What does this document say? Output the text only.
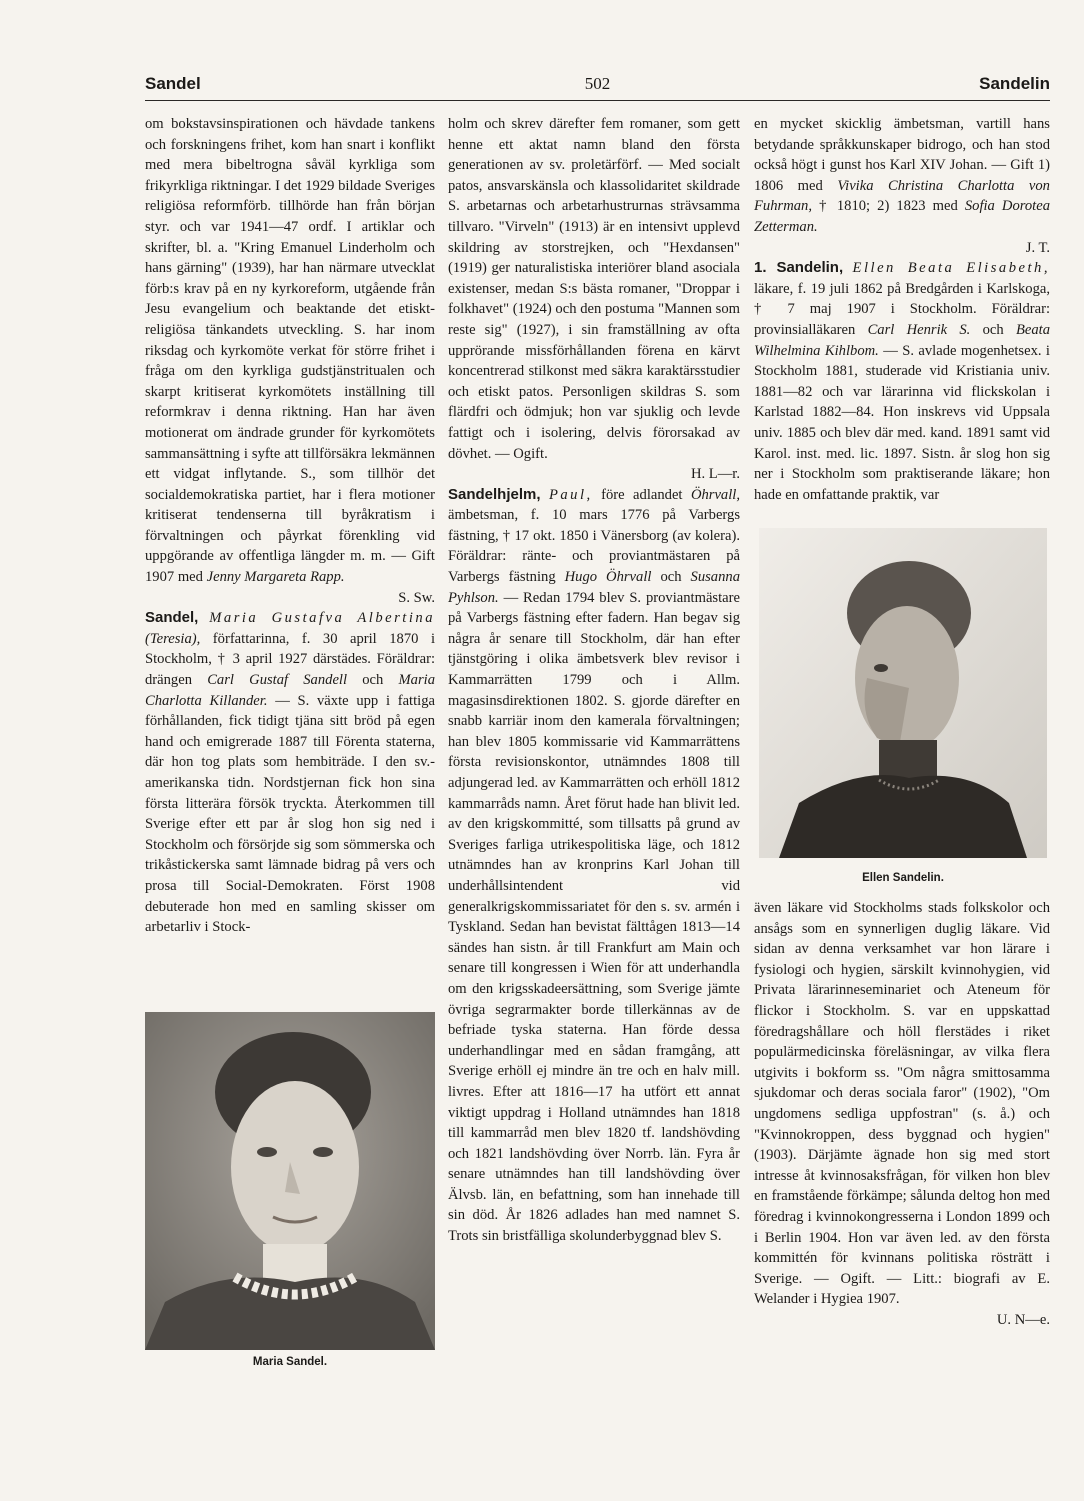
Sandel	502	Sandelin

om bokstavsinspirationen och hävdade tankens och forskningens frihet, kom han snart i konflikt med mera bibeltrogna såväl kyrkliga som frikyrkliga riktningar. I det 1929 bildade Sveriges religiösa reformförb. tillhörde han från början styr. och var 1941—47 ordf. I artiklar och skrifter, bl. a. "Kring Emanuel Linderholm och hans gärning" (1939), har han närmare utvecklat förb:s krav på en ny kyrkoreform, utgående från Jesu evangelium och beaktande det etiskt-religiösa tänkandets utveckling. S. har inom riksdag och kyrkomöte verkat för större frihet i fråga om den kyrkliga gudstjänstritualen och skarpt kritiserat kyrkomötets inställning till reformkrav i denna riktning. Han har även motionerat om ändrade grunder för kyrkomötets sammansättning i syfte att tillförsäkra lekmännen ett vidgat inflytande. S., som tillhör det socialdemokratiska partiet, har i flera motioner kritiserat tendenserna till byråkratism i förvaltningen och påyrkat förenkling vid uppgörande av offentliga längder m. m. — Gift 1907 med Jenny Margareta Rapp.
S. Sw.

Sandel, Maria Gustafva Albertina (Teresia), författarinna, f. 30 april 1870 i Stockholm, † 3 april 1927 därstädes. Föräldrar: drängen Carl Gustaf Sandell och Maria Charlotta Killander. — S. växte upp i fattiga förhållanden, fick tidigt tjäna sitt bröd på egen hand och emigrerade 1887 till Förenta staterna, där hon tog plats som hembiträde. I den sv.-amerikanska tidn. Nordstjernan fick hon sina första litterära försök tryckta. Återkommen till Sverige efter ett par år slog hon sig ned i Stockholm och försörjde sig som sömmerska och trikåstickerska samt lämnade bidrag på vers och prosa till Social-Demokraten. Först 1908 debuterade hon med en samling skisser om arbetarliv i Stock-

Maria Sandel.

holm och skrev därefter fem romaner, som gett henne ett aktat namn bland den första generationen av sv. proletärförf. — Med socialt patos, ansvarskänsla och klassolidaritet skildrade S. arbetarnas och arbetarhustrurnas strävsamma tillvaro. "Virveln" (1913) är en intensivt upplevd skildring av storstrejken, och "Hexdansen" (1919) ger naturalistiska interiörer bland asociala existenser, medan S:s bästa romaner, "Droppar i folkhavet" (1924) och den postuma "Mannen som reste sig" (1927), i sin framställning av ofta upprörande missförhållanden förena en kärvt koncentrerad stilkonst med säkra karaktärsstudier och etiskt patos. Personligen skildras S. som flärdfri och ödmjuk; hon var sjuklig och levde fattigt och i isolering, delvis förorsakad av dövhet. — Ogift.
H. L—r.

Sandelhjelm, Paul, före adlandet Öhrvall, ämbetsman, f. 10 mars 1776 på Varbergs fästning, † 17 okt. 1850 i Vänersborg (av kolera). Föräldrar: ränte- och proviantmästaren på Varbergs fästning Hugo Öhrvall och Susanna Pyhlson. — Redan 1794 blev S. proviantmästare på Varbergs fästning efter fadern. Han begav sig några år senare till Stockholm, där han efter tjänstgöring i olika ämbetsverk blev revisor i Kammarrätten 1799 och i Allm. magasinsdirektionen 1802. S. gjorde därefter en snabb karriär inom den kamerala förvaltningen; han blev 1805 kommissarie vid Kammarrättens första revisionskontor, utnämndes 1808 till adjungerad led. av Kammarrätten och erhöll 1812 kammarråds namn. Året förut hade han blivit led. av den krigskommitté, som tillsatts på grund av Sveriges farliga utrikespolitiska läge, och 1812 utnämndes han av kronprins Karl Johan till underhållsintendent vid generalkrigskommissariatet för den s. sv. armén i Tyskland. Sedan han bevistat fälttågen 1813—14 sändes han sistn. år till Frankfurt am Main och senare till kongressen i Wien för att underhandla om den krigsskadeersättning, som Sverige jämte övriga segrarmakter borde tillerkännas av de befriade tyska staterna. Han förde dessa underhandlingar med en sådan framgång, att Sverige erhöll ej mindre än tre och en halv mill. livres. Efter att 1816—17 ha utfört ett annat viktigt uppdrag i Holland utnämndes han 1818 till kammarråd men blev 1820 tf. landshövding och 1821 landshövding över Norrb. län. Fyra år senare utnämndes han till landshövding över Älvsb. län, en befattning, som han innehade till sin död. År 1826 adlades han med namnet S. Trots sin bristfälliga skolunderbyggnad blev S.

en mycket skicklig ämbetsman, vartill hans betydande språkkunskaper bidrogo, och han stod också högt i gunst hos Karl XIV Johan. — Gift 1) 1806 med Vivika Christina Charlotta von Fuhrman, † 1810; 2) 1823 med Sofia Dorotea Zetterman.
J. T.

1. Sandelin, Ellen Beata Elisabeth, läkare, f. 19 juli 1862 på Bredgården i Karlskoga, † 7 maj 1907 i Stockholm. Föräldrar: provinsialläkaren Carl Henrik S. och Beata Wilhelmina Kihlbom. — S. avlade mogenhetsex. i Stockholm 1881, studerade vid Kristiania univ. 1881—82 och var lärarinna vid flickskolan i Karlstad 1882—84. Hon inskrevs vid Uppsala univ. 1885 och blev där med. kand. 1891 samt vid Karol. inst. med. lic. 1897. Sistn. år slog hon sig ner i Stockholm som praktiserande läkare; hon hade en omfattande praktik, var

Ellen Sandelin.

även läkare vid Stockholms stads folkskolor och ansågs som en synnerligen duglig läkare. Vid sidan av denna verksamhet var hon lärare i fysiologi och hygien, särskilt kvinnohygien, vid Privata lärarinneseminariet och Ateneum för flickor i Stockholm. S. var en uppskattad föredragshållare och höll flerstädes i riket populärmedicinska föreläsningar, av vilka flera utgivits i bokform ss. "Om några smittosamma sjukdomar och deras sociala faror" (1902), "Om ungdomens sedliga uppfostran" (s. å.) och "Kvinnokroppen, dess byggnad och hygien" (1903). Därjämte ägnade hon sig med stort intresse åt kvinnosaksfrågan, för vilken hon blev en framstående förkämpe; sålunda deltog hon med föredrag i kvinnokongresserna i London 1899 och i Berlin 1904. Hon var även led. av den första kommittén för kvinnans politiska rösträtt i Sverige. — Ogift. — Litt.: biografi av E. Welander i Hygiea 1907.
U. N—e.
